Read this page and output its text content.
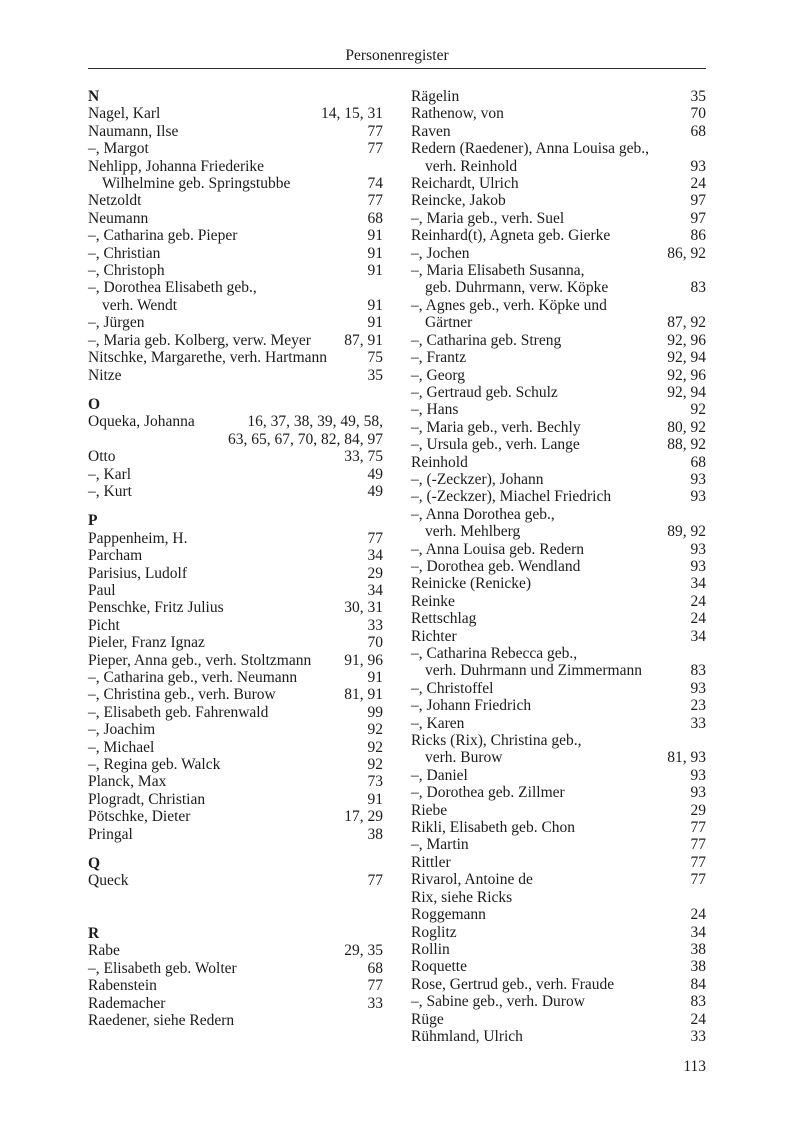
Personenregister
N
Nagel, Karl	14, 15, 31
Naumann, Ilse	77
–, Margot	77
Nehlipp, Johanna Friederike
Wilhelmine geb. Springstubbe	74
Netzoldt	77
Neumann	68
–, Catharina geb. Pieper	91
–, Christian	91
–, Christoph	91
–, Dorothea Elisabeth geb.,
verh. Wendt	91
–, Jürgen	91
–, Maria geb. Kolberg, verw. Meyer	87, 91
Nitschke, Margarethe, verh. Hartmann	75
Nitze	35
O
Oqueka, Johanna	16, 37, 38, 39, 49, 58,
63, 65, 67, 70, 82, 84, 97
Otto	33, 75
–, Karl	49
–, Kurt	49
P
Pappenheim, H.	77
Parcham	34
Parisius, Ludolf	29
Paul	34
Penschke, Fritz Julius	30, 31
Picht	33
Pieler, Franz Ignaz	70
Pieper, Anna geb., verh. Stoltzmann	91, 96
–, Catharina geb., verh. Neumann	91
–, Christina geb., verh. Burow	81, 91
–, Elisabeth geb. Fahrenwald	99
–, Joachim	92
–, Michael	92
–, Regina geb. Walck	92
Planck, Max	73
Plogradt, Christian	91
Pötschke, Dieter	17, 29
Pringal	38
Q
Queck	77
R
Rabe	29, 35
–, Elisabeth geb. Wolter	68
Rabenstein	77
Rademacher	33
Raedener, siehe Redern
Rägelin	35
Rathenow, von	70
Raven	68
Redern (Raedener), Anna Louisa geb.,
verh. Reinhold	93
Reichardt, Ulrich	24
Reincke, Jakob	97
–, Maria geb., verh. Suel	97
Reinhard(t), Agneta geb. Gierke	86
–, Jochen	86, 92
–, Maria Elisabeth Susanna,
geb. Duhrmann, verw. Köpke	83
–, Agnes geb., verh. Köpke und
Gärtner	87, 92
–, Catharina geb. Streng	92, 96
–, Frantz	92, 94
–, Georg	92, 96
–, Gertraud geb. Schulz	92, 94
–, Hans	92
–, Maria geb., verh. Bechly	80, 92
–, Ursula geb., verh. Lange	88, 92
Reinhold	68
–, (-Zeckzer), Johann	93
–, (-Zeckzer), Miachel Friedrich	93
–, Anna Dorothea geb.,
verh. Mehlberg	89, 92
–, Anna Louisa geb. Redern	93
–, Dorothea geb. Wendland	93
Reinicke (Renicke)	34
Reinke	24
Rettschlag	24
Richter	34
–, Catharina Rebecca geb.,
verh. Duhrmann und Zimmermann	83
–, Christoffel	93
–, Johann Friedrich	23
–, Karen	33
Ricks (Rix), Christina geb.,
verh. Burow	81, 93
–, Daniel	93
–, Dorothea geb. Zillmer	93
Riebe	29
Rikli, Elisabeth geb. Chon	77
–, Martin	77
Rittler	77
Rivarol, Antoine de	77
Rix, siehe Ricks
Roggemann	24
Roglitz	34
Rollin	38
Roquette	38
Rose, Gertrud geb., verh. Fraude	84
–, Sabine geb., verh. Durow	83
Rüge	24
Rühmland, Ulrich	33
113
